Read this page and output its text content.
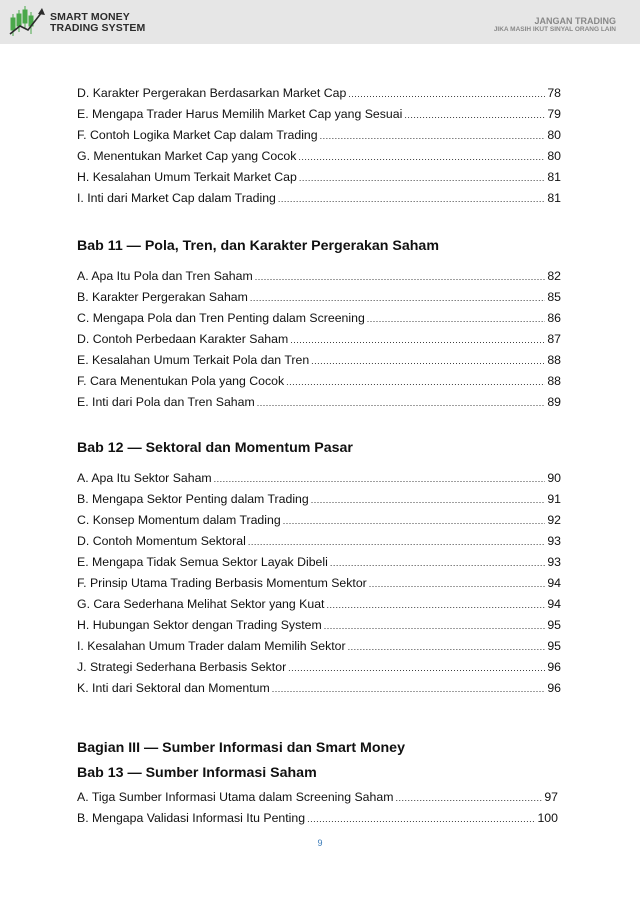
SMART MONEY
TRADING SYSTEM
JANGAN TRADING
JIKA MASIH IKUT SINYAL ORANG LAIN
D. Karakter Pergerakan Berdasarkan Market Cap .....	78
E. Mengapa Trader Harus Memilih Market Cap yang Sesuai .....	79
F. Contoh Logika Market Cap dalam Trading .....	80
G. Menentukan Market Cap yang Cocok .....	80
H. Kesalahan Umum Terkait Market Cap .....	81
I. Inti dari Market Cap dalam Trading .....	81
Bab 11 — Pola, Tren, dan Karakter Pergerakan Saham
A. Apa Itu Pola dan Tren Saham .....	82
B. Karakter Pergerakan Saham .....	85
C. Mengapa Pola dan Tren Penting dalam Screening .....	86
D. Contoh Perbedaan Karakter Saham .....	87
E. Kesalahan Umum Terkait Pola dan Tren .....	88
F. Cara Menentukan Pola yang Cocok .....	88
E. Inti dari Pola dan Tren Saham .....	89
Bab 12 — Sektoral dan Momentum Pasar
A. Apa Itu Sektor Saham .....	90
B. Mengapa Sektor Penting dalam Trading .....	91
C. Konsep Momentum dalam Trading .....	92
D. Contoh Momentum Sektoral .....	93
E. Mengapa Tidak Semua Sektor Layak Dibeli .....	93
F. Prinsip Utama Trading Berbasis Momentum Sektor .....	94
G. Cara Sederhana Melihat Sektor yang Kuat .....	94
H. Hubungan Sektor dengan Trading System .....	95
I. Kesalahan Umum Trader dalam Memilih Sektor .....	95
J. Strategi Sederhana Berbasis Sektor .....	96
K. Inti dari Sektoral dan Momentum .....	96
Bagian III — Sumber Informasi dan Smart Money
Bab 13 — Sumber Informasi Saham
A. Tiga Sumber Informasi Utama dalam Screening Saham .....	97
B. Mengapa Validasi Informasi Itu Penting .....	100
9
